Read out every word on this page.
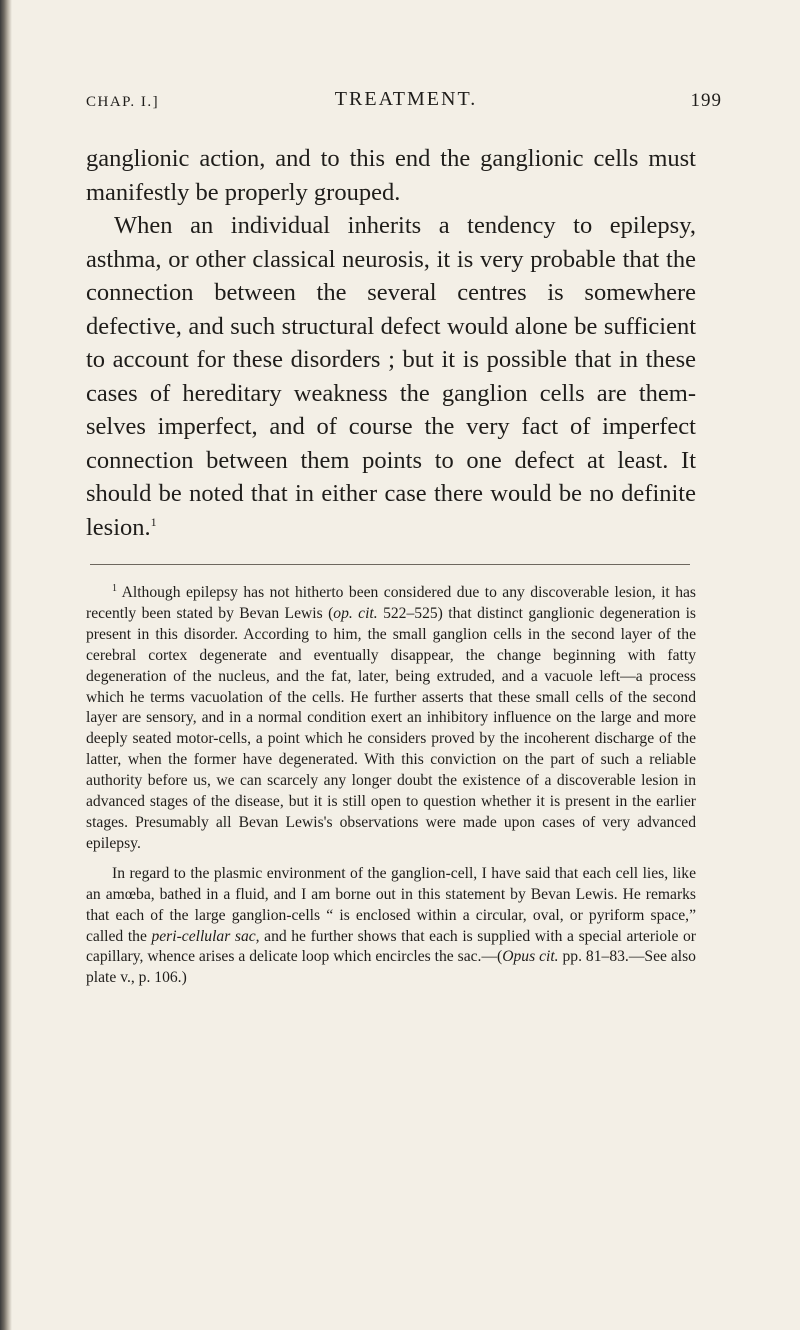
CHAP. I.]	TREATMENT.	199

ganglionic action, and to this end the ganglionic cells must manifestly be properly grouped.

When an individual inherits a tendency to epilepsy, asthma, or other classical neurosis, it is very probable that the connection between the several centres is somewhere defective, and such structural defect would alone be sufficient to account for these disorders ; but it is possible that in these cases of hereditary weakness the ganglion cells are themselves imperfect, and of course the very fact of imperfect connection between them points to one defect at least. It should be noted that in either case there would be no definite lesion.$^1$

$^1$ Although epilepsy has not hitherto been considered due to any discoverable lesion, it has recently been stated by Bevan Lewis (op. cit. 522–525) that distinct ganglionic degeneration is present in this disorder. According to him, the small ganglion cells in the second layer of the cerebral cortex degenerate and eventually disappear, the change beginning with fatty degeneration of the nucleus, and the fat, later, being extruded, and a vacuole left—a process which he terms vacuolation of the cells. He further asserts that these small cells of the second layer are sensory, and in a normal condition exert an inhibitory influence on the large and more deeply seated motor-cells, a point which he considers proved by the incoherent discharge of the latter, when the former have degenerated. With this conviction on the part of such a reliable authority before us, we can scarcely any longer doubt the existence of a discoverable lesion in advanced stages of the disease, but it is still open to question whether it is present in the earlier stages. Presumably all Bevan Lewis's observations were made upon cases of very advanced epilepsy.

In regard to the plasmic environment of the ganglion-cell, I have said that each cell lies, like an amœba, bathed in a fluid, and I am borne out in this statement by Bevan Lewis. He remarks that each of the large ganglion-cells “ is enclosed within a circular, oval, or pyriform space,” called the peri-cellular sac, and he further shows that each is supplied with a special arteriole or capillary, whence arises a delicate loop which encircles the sac.—(Opus cit. pp. 81–83.—See also plate v., p. 106.)
